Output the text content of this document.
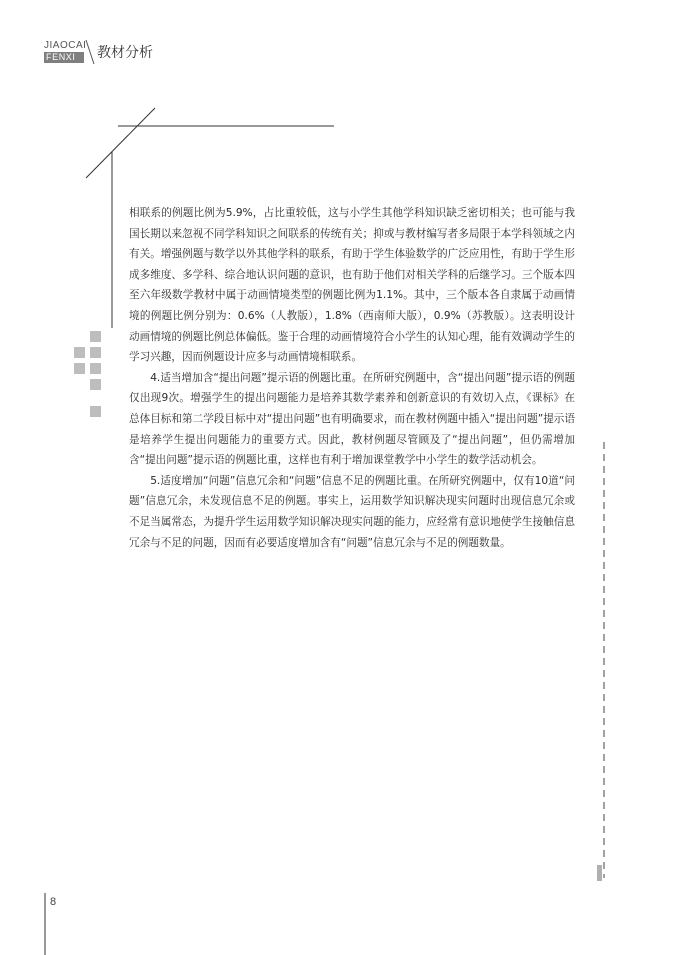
JIAOCAI
FENXI	教材分析

相联系的例题比例为5.9%，占比重较低，这与小学生其他学科知识缺乏密切相关；也可能与我国长期以来忽视不同学科知识之间联系的传统有关；抑或与教材编写者多局限于本学科领域之内有关。增强例题与数学以外其他学科的联系，有助于学生体验数学的广泛应用性，有助于学生形成多维度、多学科、综合地认识问题的意识，也有助于他们对相关学科的后继学习。三个版本四至六年级数学教材中属于动画情境类型的例题比例为1.1%。其中，三个版本各自隶属于动画情境的例题比例分别为：0.6%（人教版），1.8%（西南师大版），0.9%（苏教版）。这表明设计动画情境的例题比例总体偏低。鉴于合理的动画情境符合小学生的认知心理，能有效调动学生的学习兴趣，因而例题设计应多与动画情境相联系。

4.适当增加含“提出问题”提示语的例题比重。在所研究例题中，含“提出问题”提示语的例题仅出现9次。增强学生的提出问题能力是培养其数学素养和创新意识的有效切入点，《课标》在总体目标和第二学段目标中对“提出问题”也有明确要求，而在教材例题中插入“提出问题”提示语是培养学生提出问题能力的重要方式。因此，教材例题尽管顾及了“提出问题”，但仍需增加含“提出问题”提示语的例题比重，这样也有利于增加课堂教学中小学生的数学活动机会。

5.适度增加“问题”信息冗余和“问题”信息不足的例题比重。在所研究例题中，仅有10道“问题”信息冗余，未发现信息不足的例题。事实上，运用数学知识解决现实问题时出现信息冗余或不足当属常态，为提升学生运用数学知识解决现实问题的能力，应经常有意识地使学生接触信息冗余与不足的问题，因而有必要适度增加含有“问题”信息冗余与不足的例题数量。

8
